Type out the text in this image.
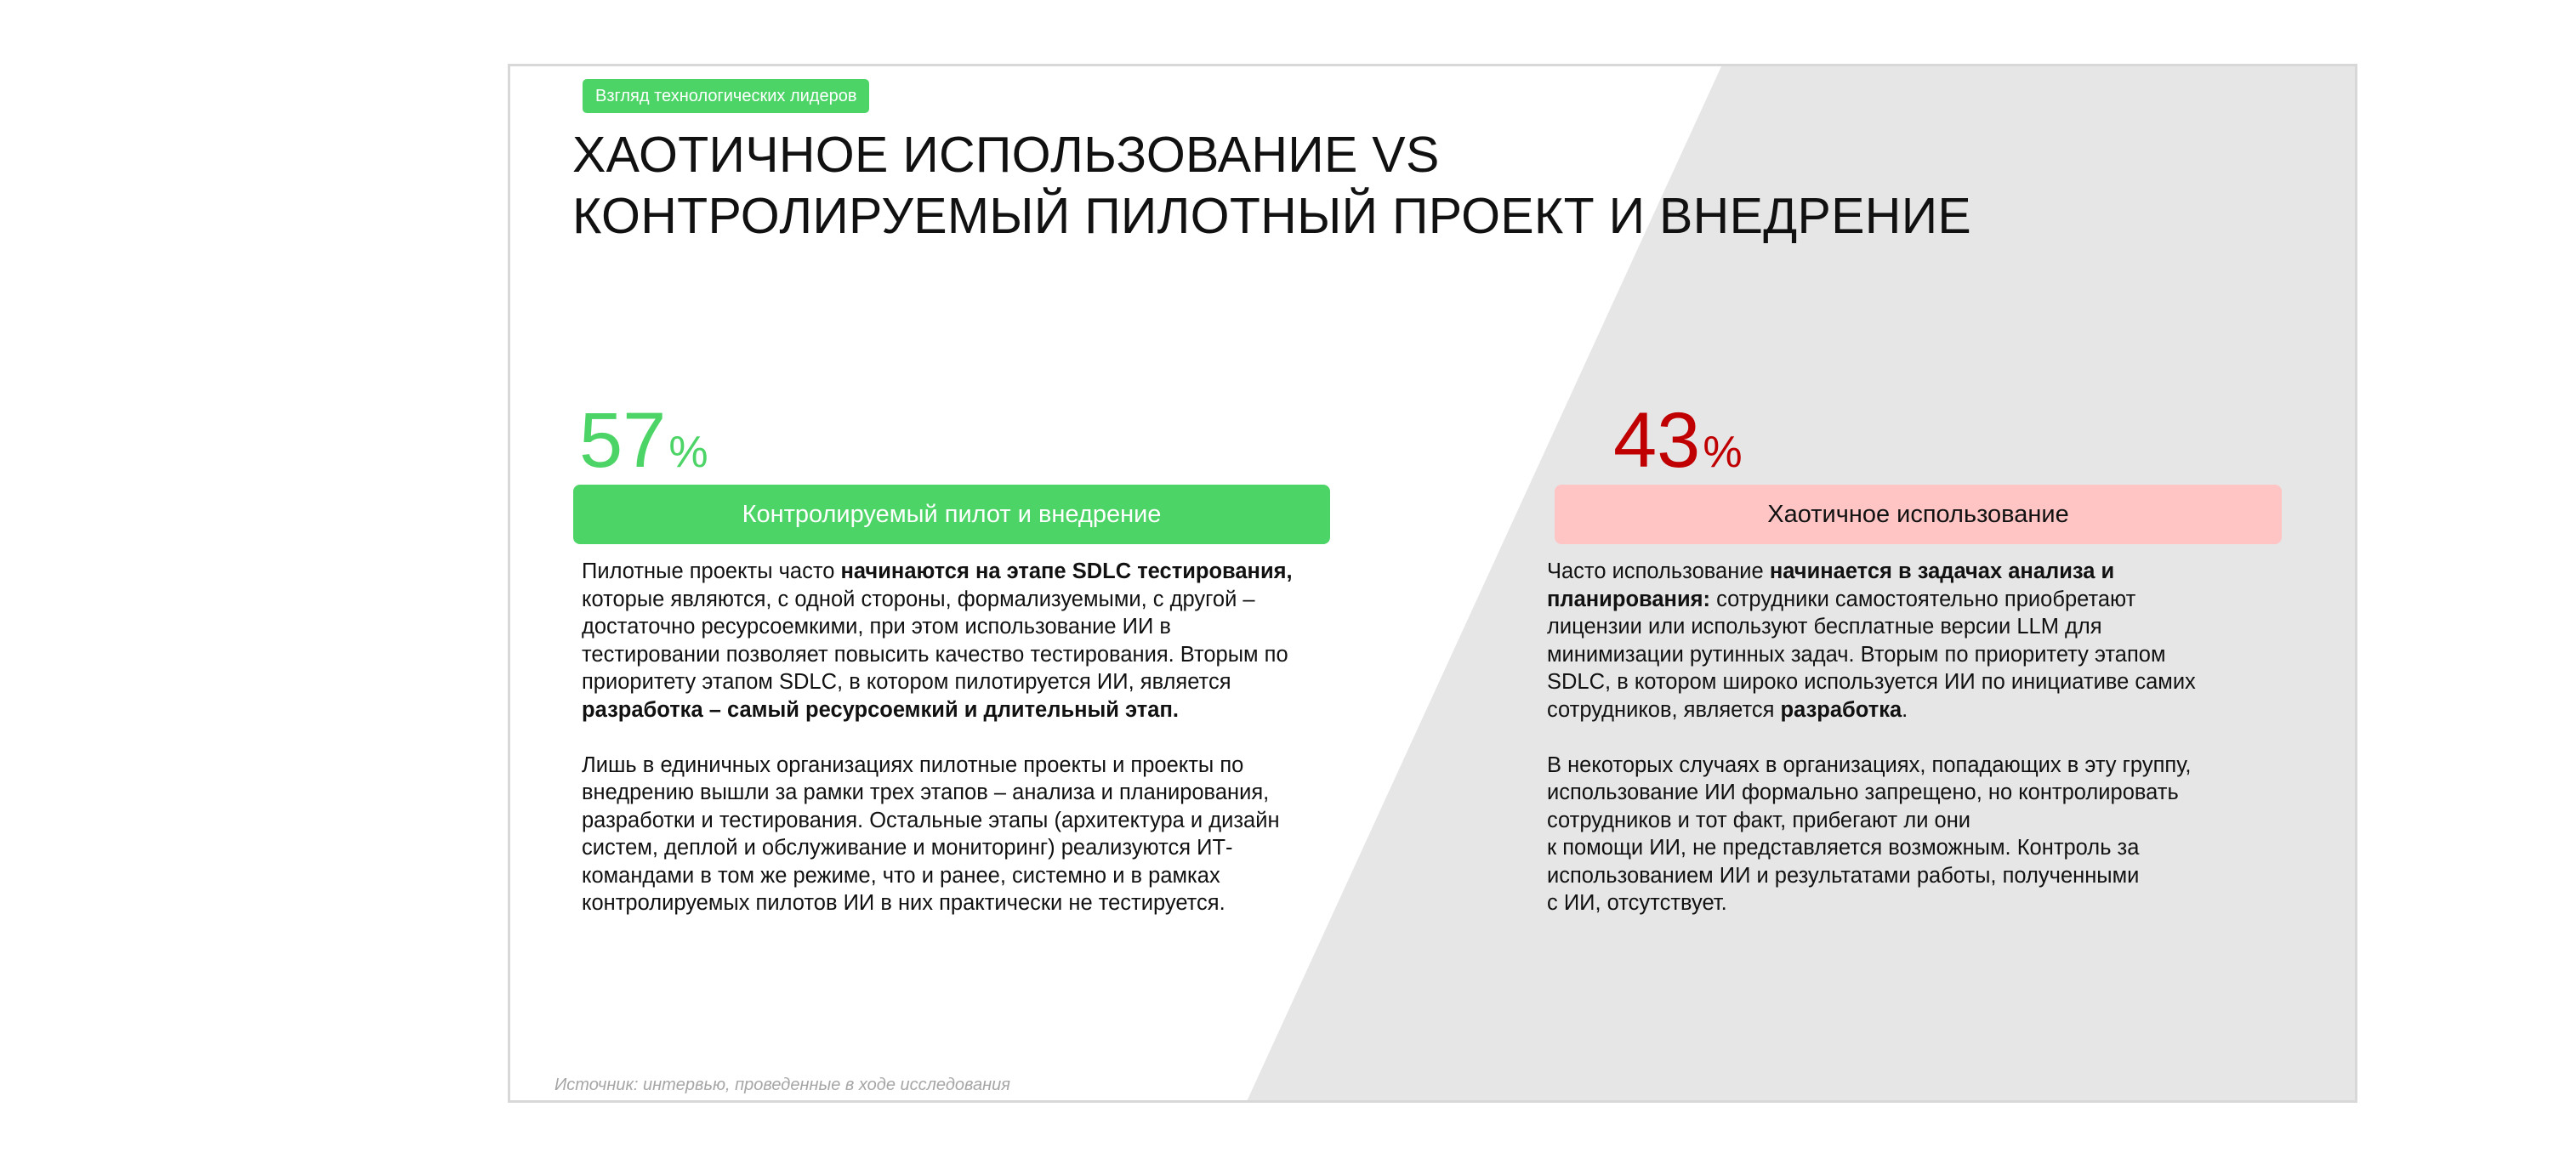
Взгляд технологических лидеров
ХАОТИЧНОЕ ИСПОЛЬЗОВАНИЕ VS
КОНТРОЛИРУЕМЫЙ ПИЛОТНЫЙ ПРОЕКТ И ВНЕДРЕНИЕ
57%
Контролируемый пилот и внедрение

Пилотные проекты часто начинаются на этапе SDLC тестирования,
которые являются, с одной стороны, формализуемыми, с другой –
достаточно ресурсоемкими, при этом использование ИИ в
тестировании позволяет повысить качество тестирования. Вторым по
приоритету этапом SDLC, в котором пилотируется ИИ, является
разработка – самый ресурсоемкий и длительный этап.

Лишь в единичных организациях пилотные проекты и проекты по
внедрению вышли за рамки трех этапов – анализа и планирования,
разработки и тестирования. Остальные этапы (архитектура и дизайн
систем, деплой и обслуживание и мониторинг) реализуются ИТ-
командами в том же режиме, что и ранее, системно и в рамках
контролируемых пилотов ИИ в них практически не тестируется.

43%
Хаотичное использование

Часто использование начинается в задачах анализа и
планирования: сотрудники самостоятельно приобретают
лицензии или используют бесплатные версии LLM для
минимизации рутинных задач. Вторым по приоритету этапом
SDLC, в котором широко используется ИИ по инициативе самих
сотрудников, является разработка.

В некоторых случаях в организациях, попадающих в эту группу,
использование ИИ формально запрещено, но контролировать
сотрудников и тот факт, прибегают ли они
к помощи ИИ, не представляется возможным. Контроль за
использованием ИИ и результатами работы, полученными
с ИИ, отсутствует.

Источник: интервью, проведенные в ходе исследования
